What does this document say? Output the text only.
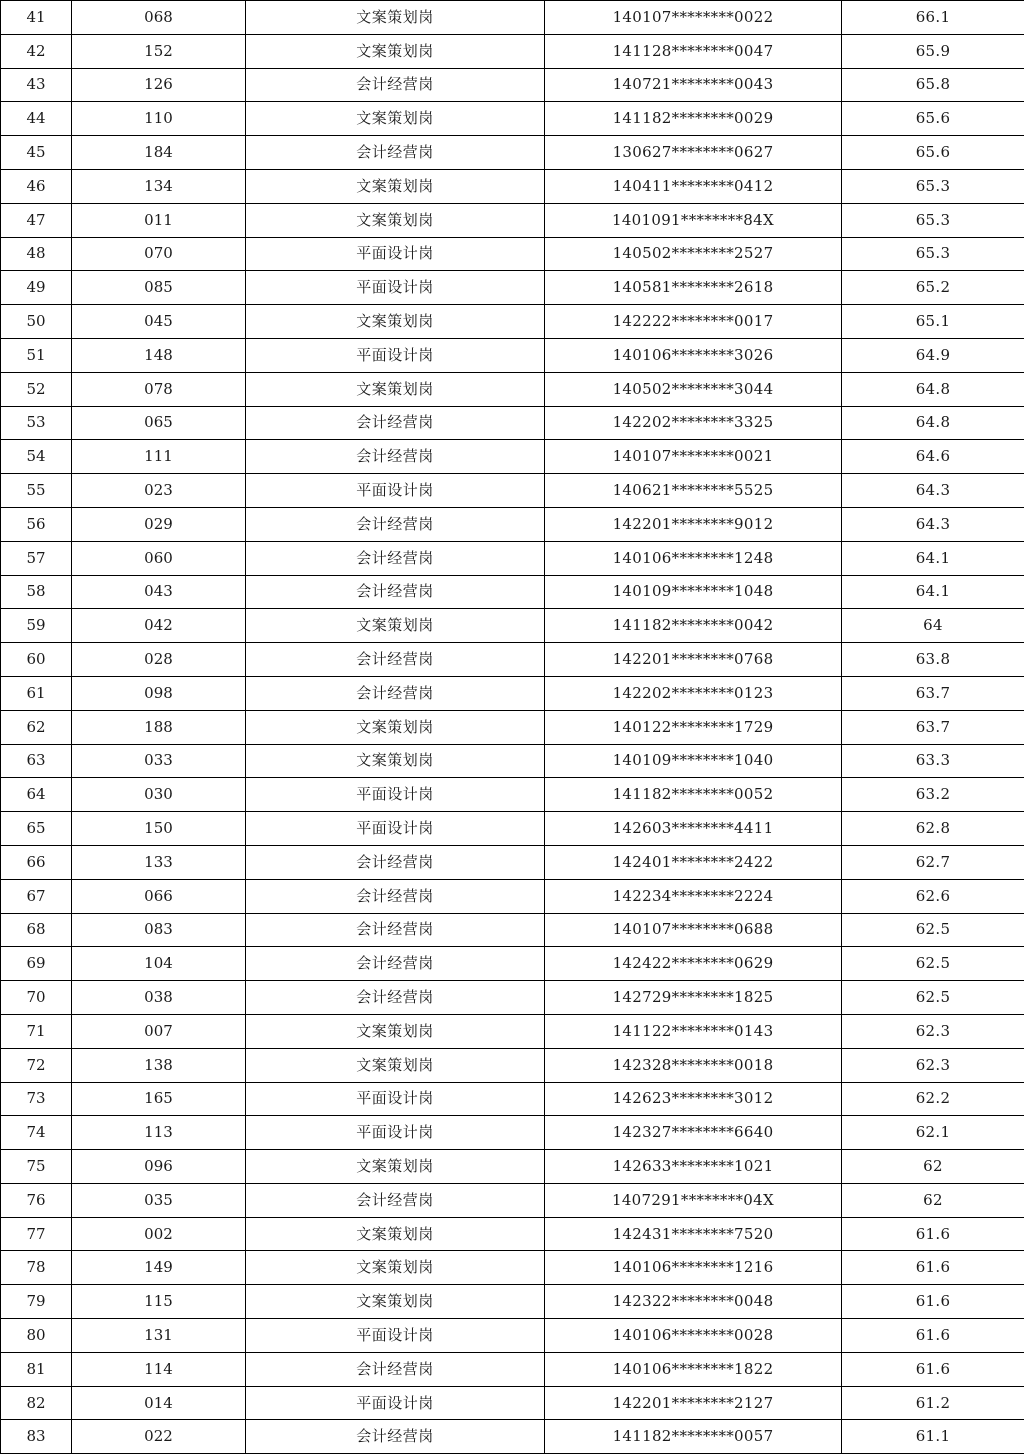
41	068	文案策划岗	140107********0022	66.1
42	152	文案策划岗	141128********0047	65.9
43	126	会计经营岗	140721********0043	65.8
44	110	文案策划岗	141182********0029	65.6
45	184	会计经营岗	130627********0627	65.6
46	134	文案策划岗	140411********0412	65.3
47	011	文案策划岗	1401091********84X	65.3
48	070	平面设计岗	140502********2527	65.3
49	085	平面设计岗	140581********2618	65.2
50	045	文案策划岗	142222********0017	65.1
51	148	平面设计岗	140106********3026	64.9
52	078	文案策划岗	140502********3044	64.8
53	065	会计经营岗	142202********3325	64.8
54	111	会计经营岗	140107********0021	64.6
55	023	平面设计岗	140621********5525	64.3
56	029	会计经营岗	142201********9012	64.3
57	060	会计经营岗	140106********1248	64.1
58	043	会计经营岗	140109********1048	64.1
59	042	文案策划岗	141182********0042	64
60	028	会计经营岗	142201********0768	63.8
61	098	会计经营岗	142202********0123	63.7
62	188	文案策划岗	140122********1729	63.7
63	033	文案策划岗	140109********1040	63.3
64	030	平面设计岗	141182********0052	63.2
65	150	平面设计岗	142603********4411	62.8
66	133	会计经营岗	142401********2422	62.7
67	066	会计经营岗	142234********2224	62.6
68	083	会计经营岗	140107********0688	62.5
69	104	会计经营岗	142422********0629	62.5
70	038	会计经营岗	142729********1825	62.5
71	007	文案策划岗	141122********0143	62.3
72	138	文案策划岗	142328********0018	62.3
73	165	平面设计岗	142623********3012	62.2
74	113	平面设计岗	142327********6640	62.1
75	096	文案策划岗	142633********1021	62
76	035	会计经营岗	1407291********04X	62
77	002	文案策划岗	142431********7520	61.6
78	149	文案策划岗	140106********1216	61.6
79	115	文案策划岗	142322********0048	61.6
80	131	平面设计岗	140106********0028	61.6
81	114	会计经营岗	140106********1822	61.6
82	014	平面设计岗	142201********2127	61.2
83	022	会计经营岗	141182********0057	61.1
